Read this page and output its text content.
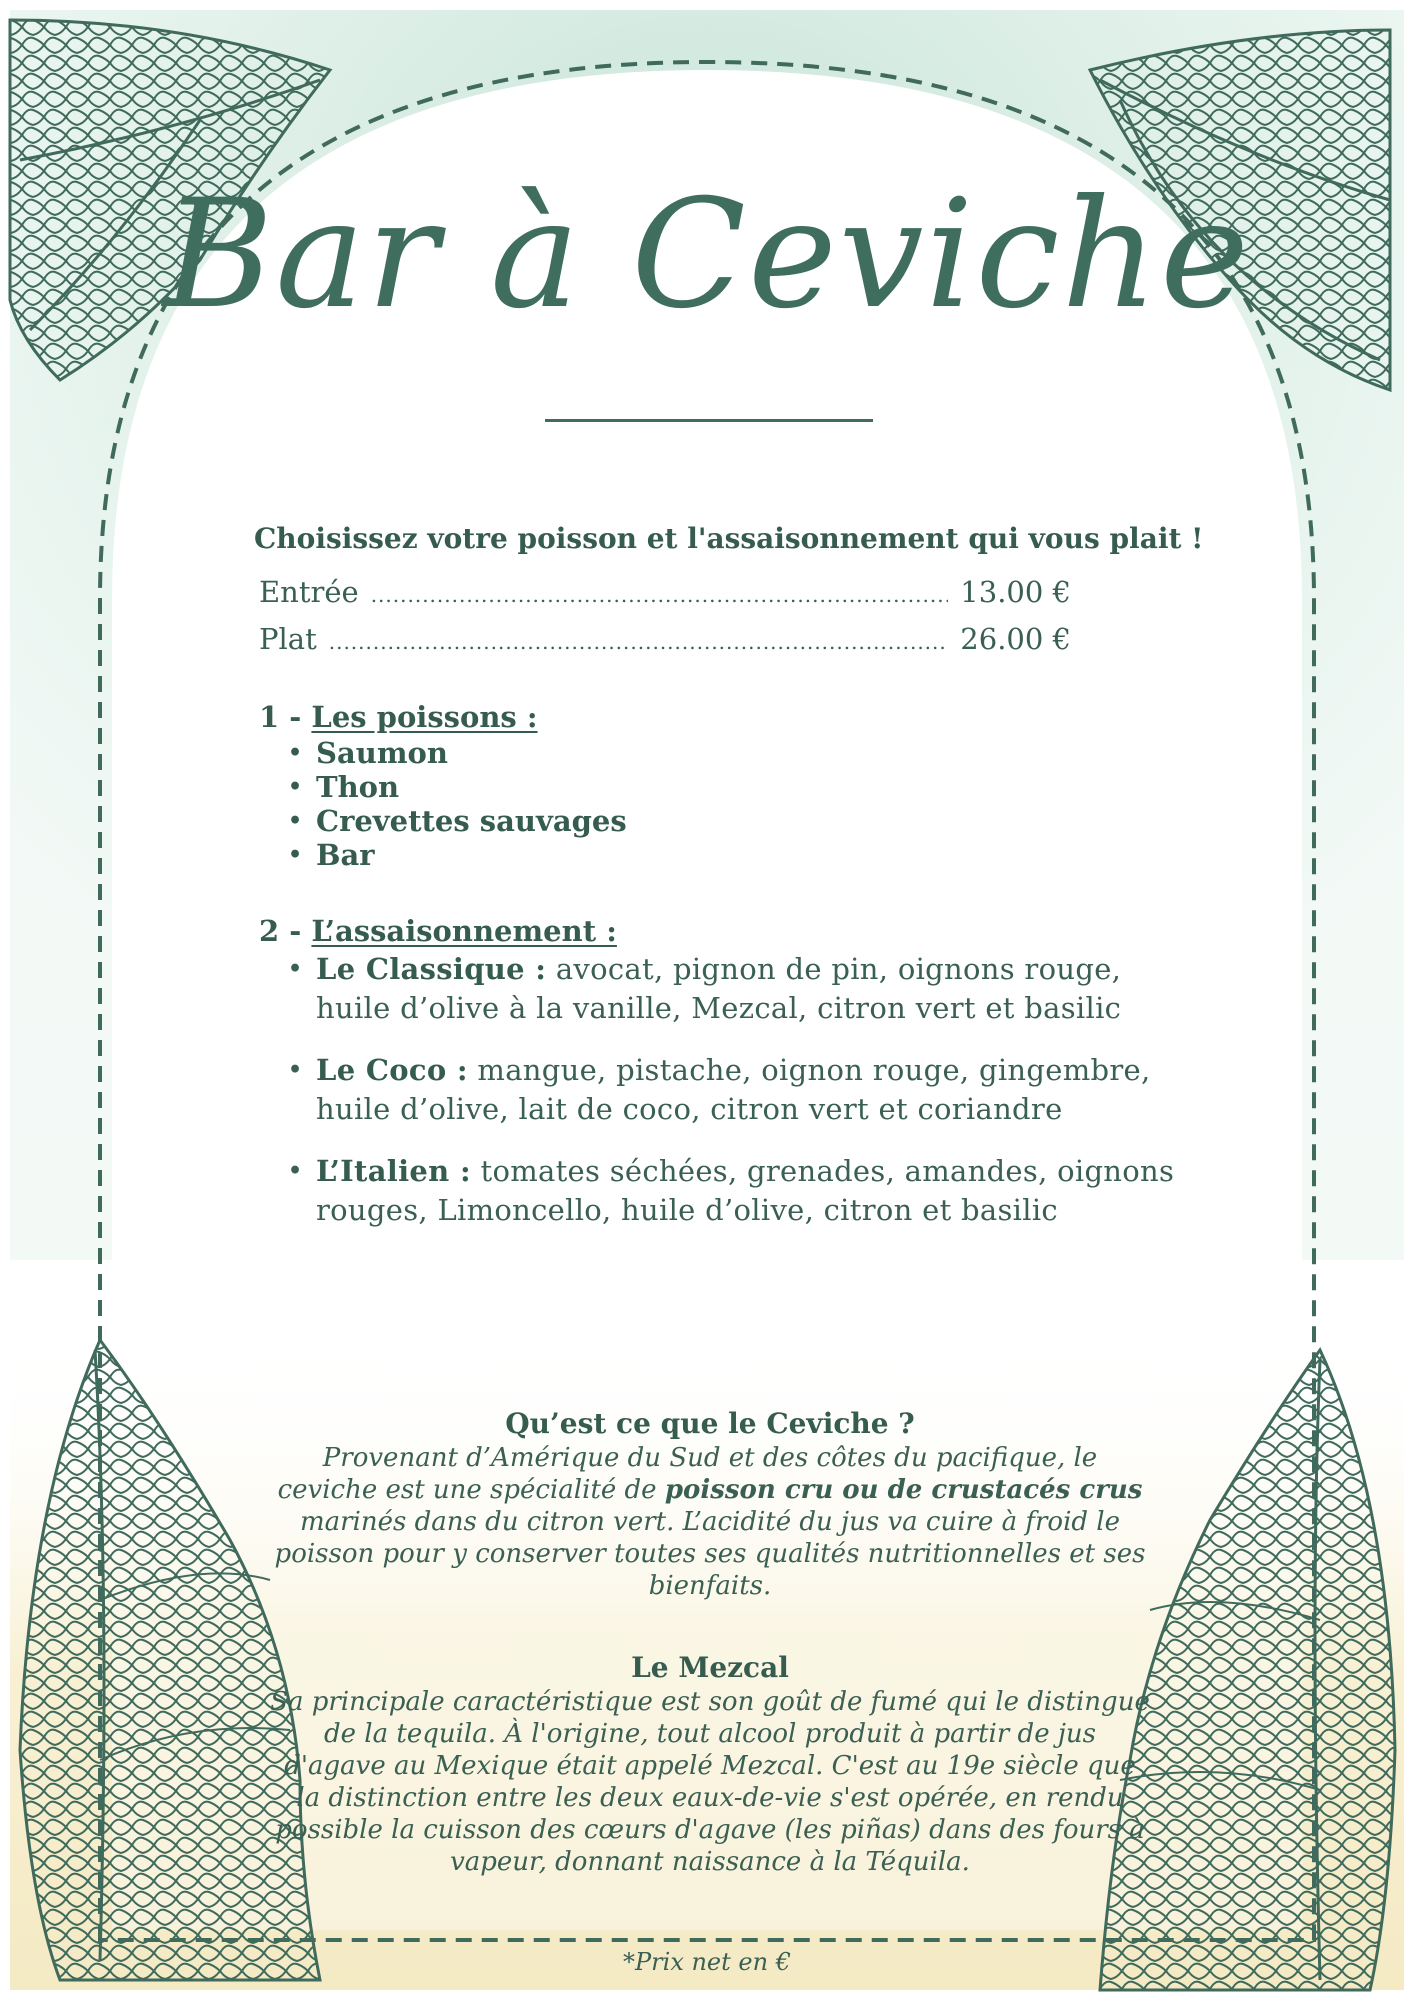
Bar à Ceviche
Choisissez votre poisson et l'assaisonnement qui vous plait !
Entrée .....	13.00 €
Plat .....	26.00 €
1 - Les poissons :
• Saumon
• Thon
• Crevettes sauvages
• Bar
2 - L’assaisonnement :
• Le Classique : avocat, pignon de pin, oignons rouge, huile d’olive à la vanille, Mezcal, citron vert et basilic
• Le Coco : mangue, pistache, oignon rouge, gingembre, huile d’olive, lait de coco, citron vert et coriandre
• L’Italien : tomates séchées, grenades, amandes, oignons rouges, Limoncello, huile d’olive, citron et basilic
Qu’est ce que le Ceviche ?

Provenant d’Amérique du Sud et des côtes du pacifique, le ceviche est une spécialité de poisson cru ou de crustacés crus marinés dans du citron vert. L’acidité du jus va cuire à froid le poisson pour y conserver toutes ses qualités nutritionnelles et ses bienfaits.

Le Mezcal

Sa principale caractéristique est son goût de fumé qui le distingue de la tequila. À l'origine, tout alcool produit à partir de jus d'agave au Mexique était appelé Mezcal. C'est au 19e siècle que la distinction entre les deux eaux-de-vie s'est opérée, en rendu possible la cuisson des cœurs d'agave (les piñas) dans des fours à vapeur, donnant naissance à la Téquila.

*Prix net en €
